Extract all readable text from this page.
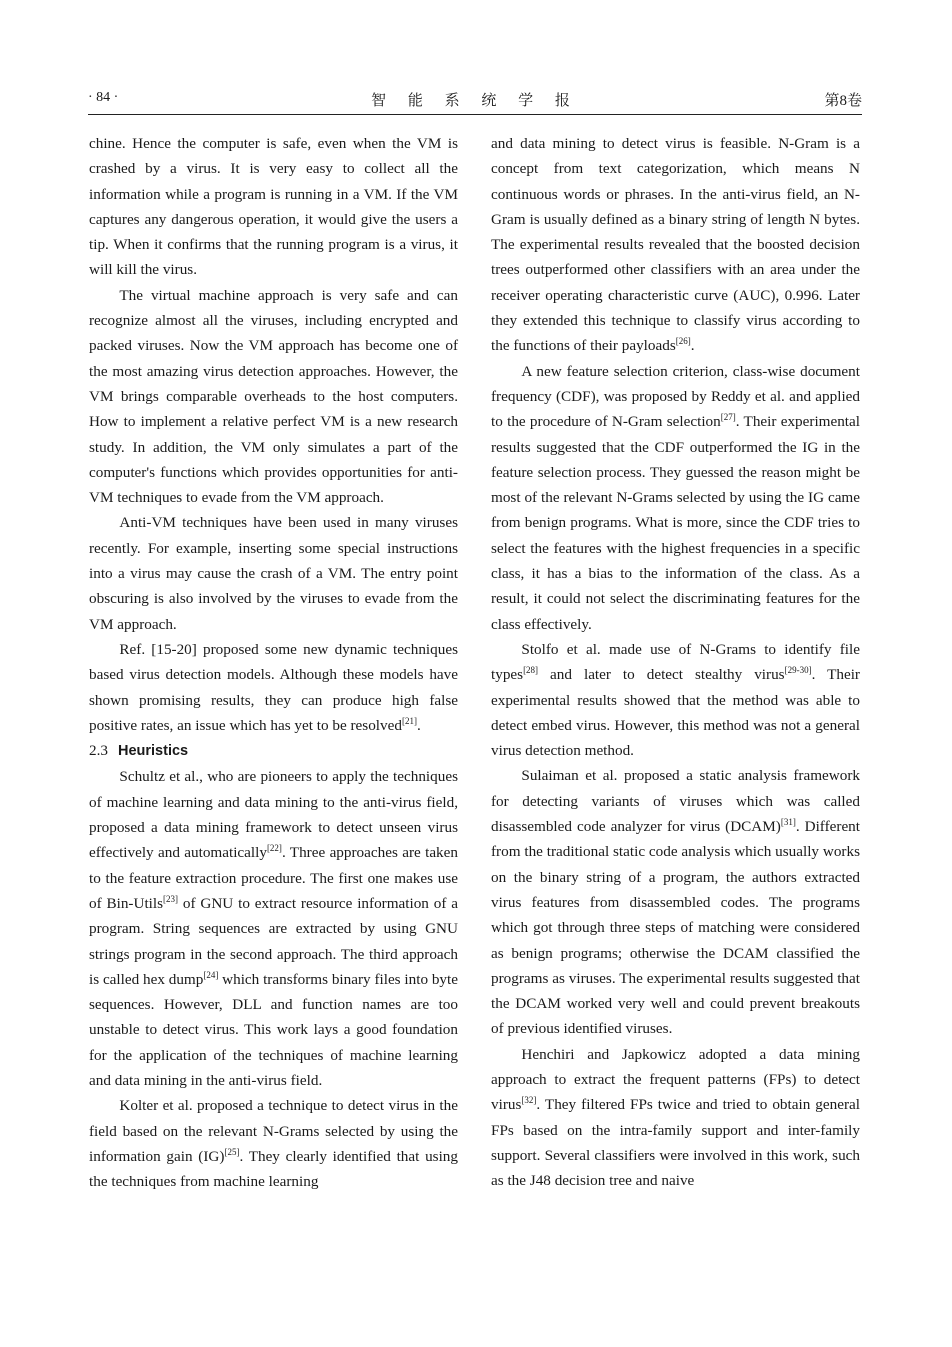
· 84 ·	智 能 系 统 学 报	第8卷

chine. Hence the computer is safe, even when the VM is crashed by a virus. It is very easy to collect all the information while a program is running in a VM. If the VM captures any dangerous operation, it would give the users a tip. When it confirms that the running program is a virus, it will kill the virus.

The virtual machine approach is very safe and can recognize almost all the viruses, including encrypted and packed viruses. Now the VM approach has become one of the most amazing virus detection approaches. However, the VM brings comparable overheads to the host computers. How to implement a relative perfect VM is a new research study. In addition, the VM only simulates a part of the computer's functions which provides opportunities for anti-VM techniques to evade from the VM approach.

Anti-VM techniques have been used in many viruses recently. For example, inserting some special instructions into a virus may cause the crash of a VM. The entry point obscuring is also involved by the viruses to evade from the VM approach.

Ref. [15-20] proposed some new dynamic techniques based virus detection models. Although these models have shown promising results, they can produce high false positive rates, an issue which has yet to be resolved[21].

2.3 Heuristics

Schultz et al., who are pioneers to apply the techniques of machine learning and data mining to the anti-virus field, proposed a data mining framework to detect unseen virus effectively and automatically[22]. Three approaches are taken to the feature extraction procedure. The first one makes use of Bin-Utils[23] of GNU to extract resource information of a program. String sequences are extracted by using GNU strings program in the second approach. The third approach is called hex dump[24] which transforms binary files into byte sequences. However, DLL and function names are too unstable to detect virus. This work lays a good foundation for the application of the techniques of machine learning and data mining in the anti-virus field.

Kolter et al. proposed a technique to detect virus in the field based on the relevant N-Grams selected by using the information gain (IG)[25]. They clearly identified that using the techniques from machine learning

and data mining to detect virus is feasible. N-Gram is a concept from text categorization, which means N continuous words or phrases. In the anti-virus field, an N-Gram is usually defined as a binary string of length N bytes. The experimental results revealed that the boosted decision trees outperformed other classifiers with an area under the receiver operating characteristic curve (AUC), 0.996. Later they extended this technique to classify virus according to the functions of their payloads[26].

A new feature selection criterion, class-wise document frequency (CDF), was proposed by Reddy et al. and applied to the procedure of N-Gram selection[27]. Their experimental results suggested that the CDF outperformed the IG in the feature selection process. They guessed the reason might be most of the relevant N-Grams selected by using the IG came from benign programs. What is more, since the CDF tries to select the features with the highest frequencies in a specific class, it has a bias to the information of the class. As a result, it could not select the discriminating features for the class effectively.

Stolfo et al. made use of N-Grams to identify file types[28] and later to detect stealthy virus[29-30]. Their experimental results showed that the method was able to detect embed virus. However, this method was not a general virus detection method.

Sulaiman et al. proposed a static analysis framework for detecting variants of viruses which was called disassembled code analyzer for virus (DCAM)[31]. Different from the traditional static code analysis which usually works on the binary string of a program, the authors extracted virus features from disassembled codes. The programs which got through three steps of matching were considered as benign programs; otherwise the DCAM classified the programs as viruses. The experimental results suggested that the DCAM worked very well and could prevent breakouts of previous identified viruses.

Henchiri and Japkowicz adopted a data mining approach to extract the frequent patterns (FPs) to detect virus[32]. They filtered FPs twice and tried to obtain general FPs based on the intra-family support and inter-family support. Several classifiers were involved in this work, such as the J48 decision tree and naive
